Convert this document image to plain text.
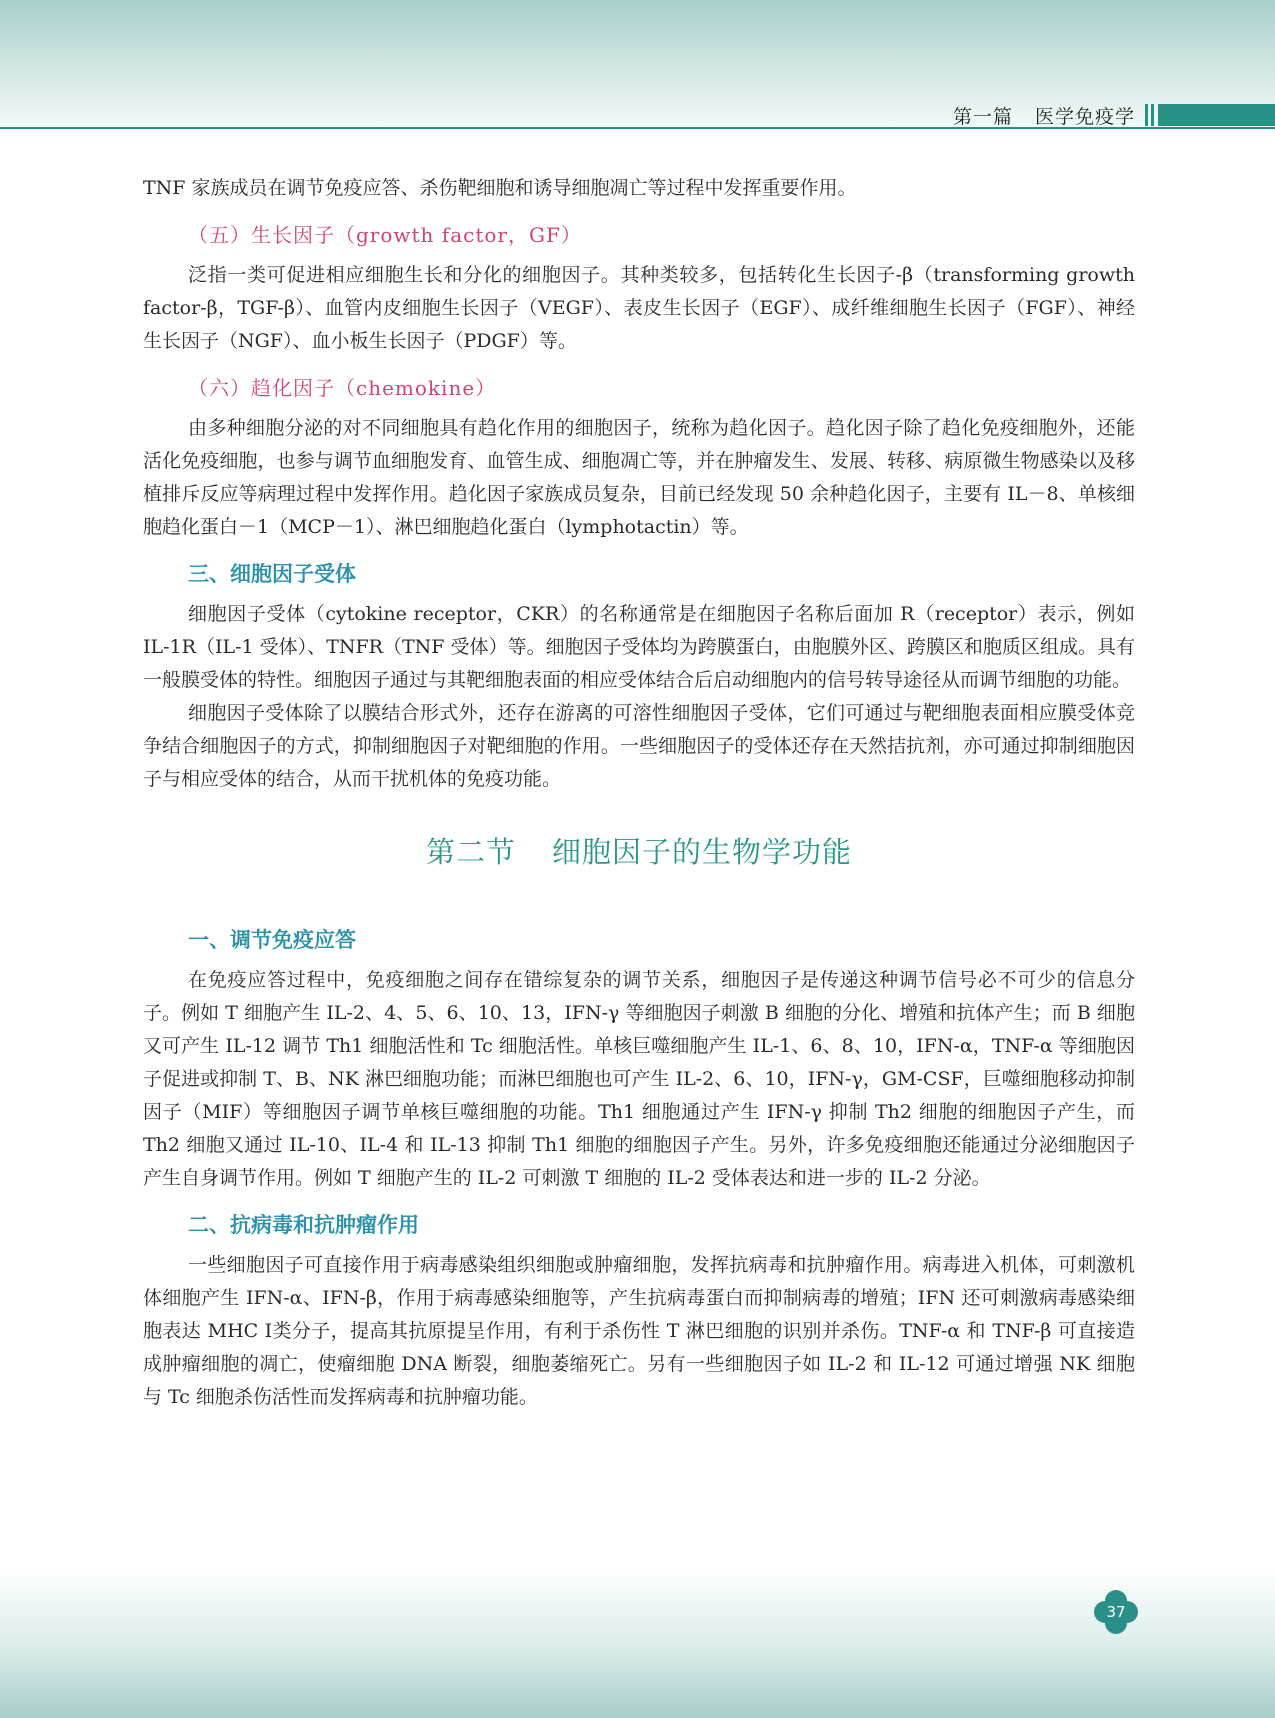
第一篇 医学免疫学

TNF 家族成员在调节免疫应答、杀伤靶细胞和诱导细胞凋亡等过程中发挥重要作用。

（五）生长因子（growth factor，GF）

泛指一类可促进相应细胞生长和分化的细胞因子。其种类较多，包括转化生长因子-β（transforming growth factor-β，TGF-β）、血管内皮细胞生长因子（VEGF）、表皮生长因子（EGF）、成纤维细胞生长因子（FGF）、神经生长因子（NGF）、血小板生长因子（PDGF）等。

（六）趋化因子（chemokine）

由多种细胞分泌的对不同细胞具有趋化作用的细胞因子，统称为趋化因子。趋化因子除了趋化免疫细胞外，还能活化免疫细胞，也参与调节血细胞发育、血管生成、细胞凋亡等，并在肿瘤发生、发展、转移、病原微生物感染以及移植排斥反应等病理过程中发挥作用。趋化因子家族成员复杂，目前已经发现 50 余种趋化因子，主要有 IL－8、单核细胞趋化蛋白－1（MCP－1）、淋巴细胞趋化蛋白（lymphotactin）等。

三、细胞因子受体

细胞因子受体（cytokine receptor，CKR）的名称通常是在细胞因子名称后面加 R（receptor）表示，例如 IL-1R（IL-1 受体）、TNFR（TNF 受体）等。细胞因子受体均为跨膜蛋白，由胞膜外区、跨膜区和胞质区组成。具有一般膜受体的特性。细胞因子通过与其靶细胞表面的相应受体结合后启动细胞内的信号转导途径从而调节细胞的功能。

细胞因子受体除了以膜结合形式外，还存在游离的可溶性细胞因子受体，它们可通过与靶细胞表面相应膜受体竞争结合细胞因子的方式，抑制细胞因子对靶细胞的作用。一些细胞因子的受体还存在天然拮抗剂，亦可通过抑制细胞因子与相应受体的结合，从而干扰机体的免疫功能。

第二节 细胞因子的生物学功能
一、调节免疫应答

在免疫应答过程中，免疫细胞之间存在错综复杂的调节关系，细胞因子是传递这种调节信号必不可少的信息分子。例如 T 细胞产生 IL-2、4、5、6、10、13，IFN-γ 等细胞因子刺激 B 细胞的分化、增殖和抗体产生；而 B 细胞又可产生 IL-12 调节 Th1 细胞活性和 Tc 细胞活性。单核巨噬细胞产生 IL-1、6、8、10，IFN-α，TNF-α 等细胞因子促进或抑制 T、B、NK 淋巴细胞功能；而淋巴细胞也可产生 IL-2、6、10，IFN-γ，GM-CSF，巨噬细胞移动抑制因子（MIF）等细胞因子调节单核巨噬细胞的功能。Th1 细胞通过产生 IFN-γ 抑制 Th2 细胞的细胞因子产生，而 Th2 细胞又通过 IL-10、IL-4 和 IL-13 抑制 Th1 细胞的细胞因子产生。另外，许多免疫细胞还能通过分泌细胞因子产生自身调节作用。例如 T 细胞产生的 IL-2 可刺激 T 细胞的 IL-2 受体表达和进一步的 IL-2 分泌。

二、抗病毒和抗肿瘤作用

一些细胞因子可直接作用于病毒感染组织细胞或肿瘤细胞，发挥抗病毒和抗肿瘤作用。病毒进入机体，可刺激机体细胞产生 IFN-α、IFN-β，作用于病毒感染细胞等，产生抗病毒蛋白而抑制病毒的增殖；IFN 还可刺激病毒感染细胞表达 MHC Ⅰ类分子，提高其抗原提呈作用，有利于杀伤性 T 淋巴细胞的识别并杀伤。TNF-α 和 TNF-β 可直接造成肿瘤细胞的凋亡，使瘤细胞 DNA 断裂，细胞萎缩死亡。另有一些细胞因子如 IL-2 和 IL-12 可通过增强 NK 细胞与 Tc 细胞杀伤活性而发挥病毒和抗肿瘤功能。

37
